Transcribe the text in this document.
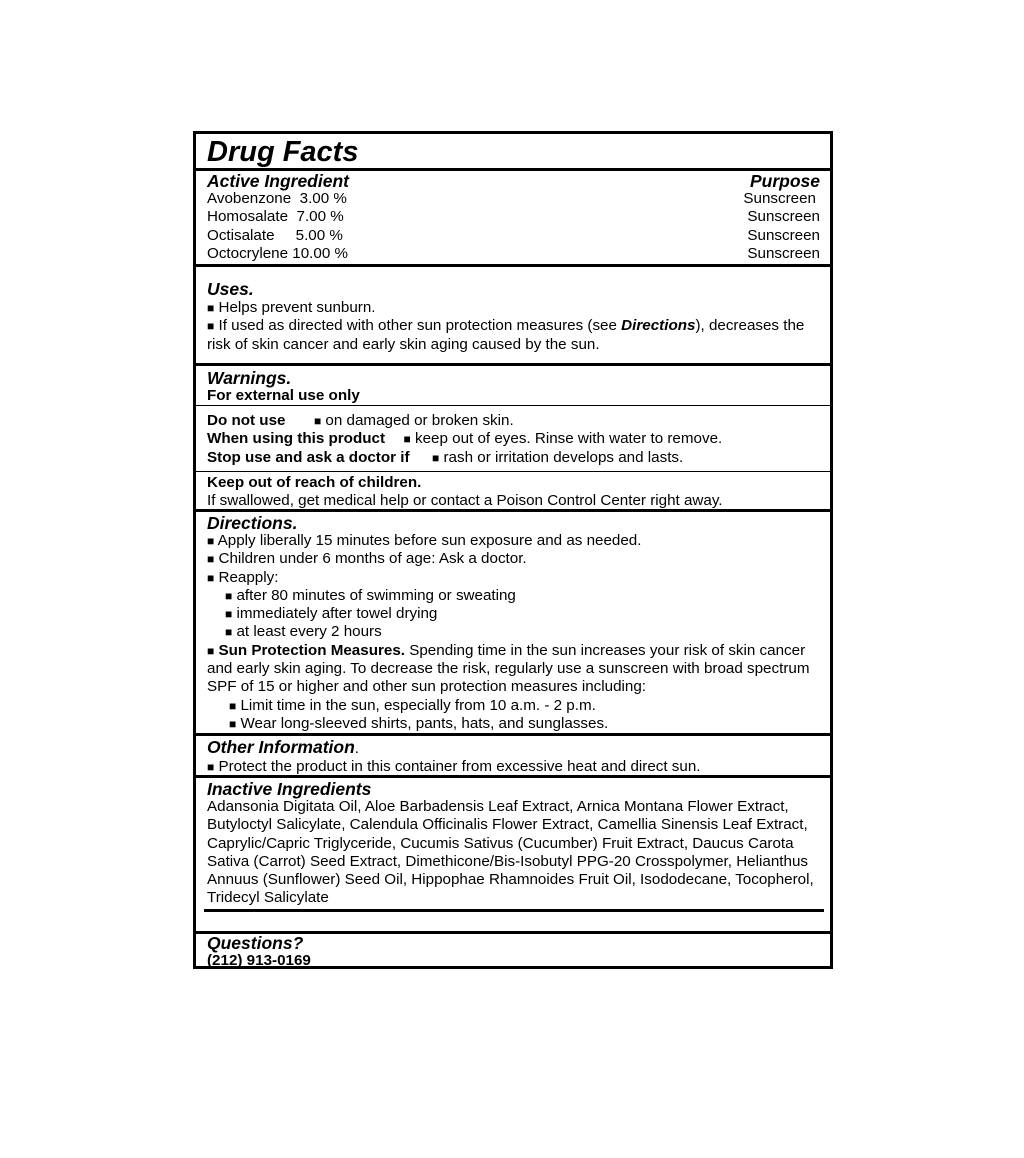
Drug Facts
Active Ingredient	Purpose
Avobenzone 3.00 %	Sunscreen
Homosalate 7.00 %	Sunscreen
Octisalate 5.00 %	Sunscreen
Octocrylene 10.00 %	Sunscreen
Uses.
■ Helps prevent sunburn.
■ If used as directed with other sun protection measures (see Directions), decreases the risk of skin cancer and early skin aging caused by the sun.
Warnings.
For external use only
Do not use ■ on damaged or broken skin.
When using this product ■ keep out of eyes. Rinse with water to remove.
Stop use and ask a doctor if ■ rash or irritation develops and lasts.
Keep out of reach of children.
If swallowed, get medical help or contact a Poison Control Center right away.
Directions.
■ Apply liberally 15 minutes before sun exposure and as needed.
■ Children under 6 months of age: Ask a doctor.
■ Reapply:
■ after 80 minutes of swimming or sweating
■ immediately after towel drying
■ at least every 2 hours
■ Sun Protection Measures. Spending time in the sun increases your risk of skin cancer and early skin aging. To decrease the risk, regularly use a sunscreen with broad spectrum SPF of 15 or higher and other sun protection measures including:
■ Limit time in the sun, especially from 10 a.m. - 2 p.m.
■ Wear long-sleeved shirts, pants, hats, and sunglasses.
Other Information.
■ Protect the product in this container from excessive heat and direct sun.
Inactive Ingredients
Adansonia Digitata Oil, Aloe Barbadensis Leaf Extract, Arnica Montana Flower Extract, Butyloctyl Salicylate, Calendula Officinalis Flower Extract, Camellia Sinensis Leaf Extract, Caprylic/Capric Triglyceride, Cucumis Sativus (Cucumber) Fruit Extract, Daucus Carota Sativa (Carrot) Seed Extract, Dimethicone/Bis-Isobutyl PPG-20 Crosspolymer, Helianthus Annuus (Sunflower) Seed Oil, Hippophae Rhamnoides Fruit Oil, Isododecane, Tocopherol, Tridecyl Salicylate
Questions?
(212) 913-0169
